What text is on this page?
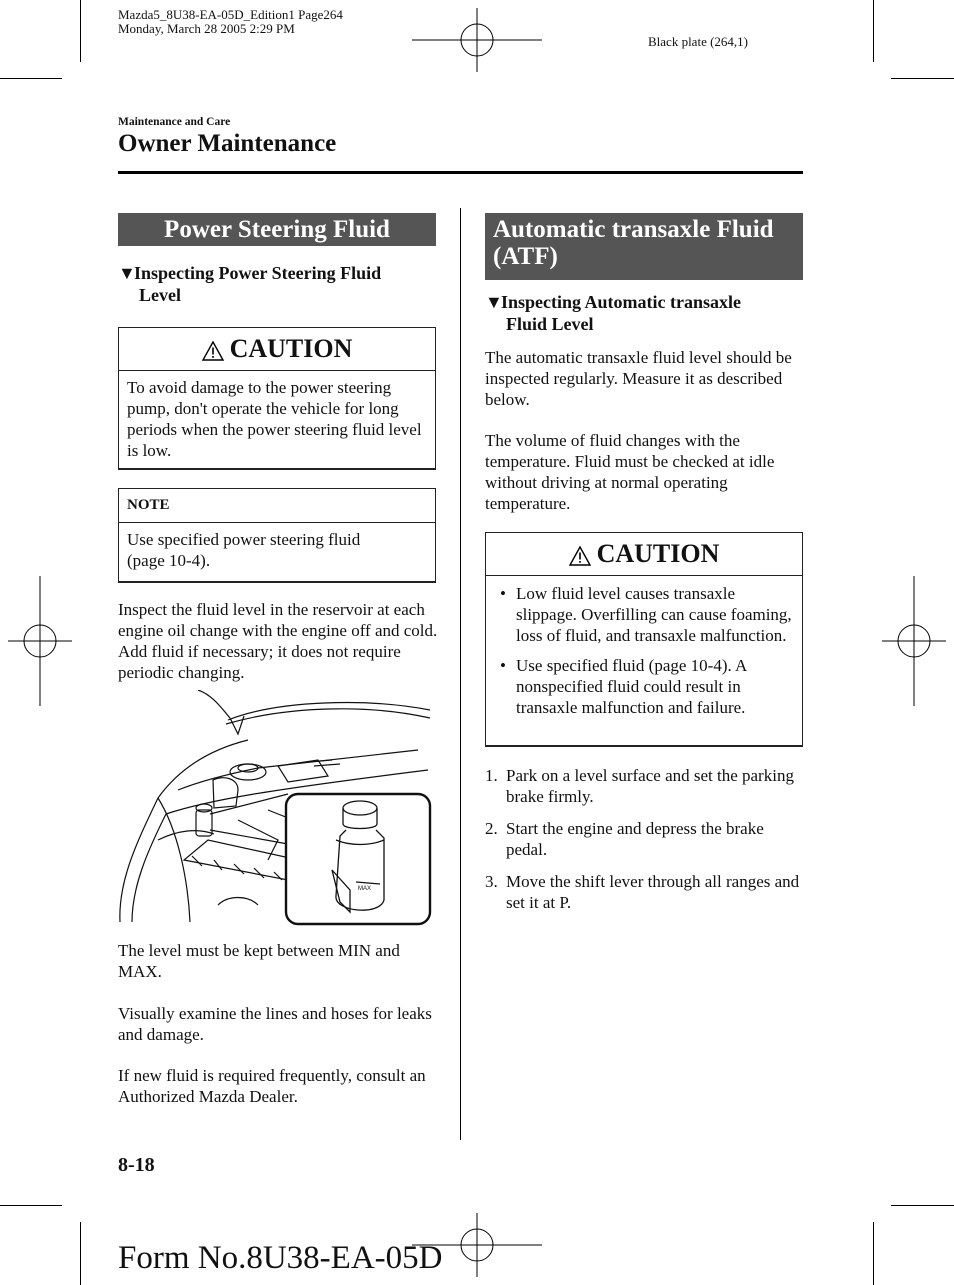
Mazda5_8U38-EA-05D_Edition1 Page264
Monday, March 28 2005 2:29 PM
Black plate (264,1)
Maintenance and Care
Owner Maintenance
Power Steering Fluid
▼Inspecting Power Steering Fluid
Level
CAUTION
To avoid damage to the power steering pump, don't operate the vehicle for long periods when the power steering fluid level is low.
NOTE
Use specified power steering fluid
(page 10-4).
Inspect the fluid level in the reservoir at each engine oil change with the engine off and cold. Add fluid if necessary; it does not require periodic changing.
MAX
The level must be kept between MIN and MAX.
Visually examine the lines and hoses for leaks and damage.
If new fluid is required frequently, consult an Authorized Mazda Dealer.
Automatic transaxle Fluid
(ATF)
▼Inspecting Automatic transaxle
Fluid Level
The automatic transaxle fluid level should be inspected regularly. Measure it as described below.
The volume of fluid changes with the temperature. Fluid must be checked at idle without driving at normal operating temperature.
CAUTION
• Low fluid level causes transaxle slippage. Overfilling can cause foaming, loss of fluid, and transaxle malfunction.
• Use specified fluid (page 10-4). A nonspecified fluid could result in transaxle malfunction and failure.
1. Park on a level surface and set the parking brake firmly.
2. Start the engine and depress the brake pedal.
3. Move the shift lever through all ranges and set it at P.
8-18
Form No.8U38-EA-05D
